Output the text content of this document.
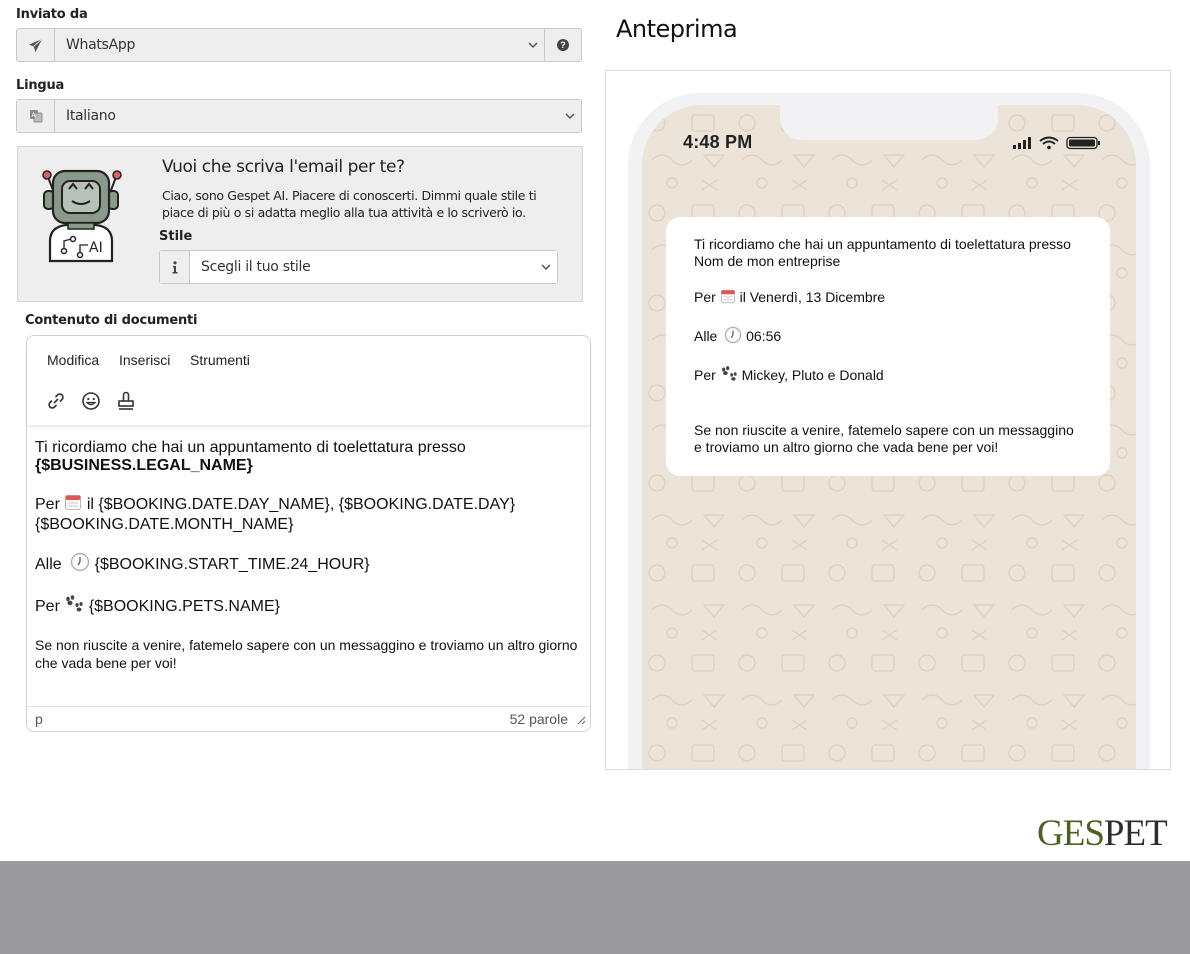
Inviato da
WhatsApp	?
Lingua
A Italiano
AI
Vuoi che scriva l'email per te?
Ciao, sono Gespet AI. Piacere di conoscerti. Dimmi quale stile ti piace di più o si adatta meglio alla tua attività e lo scriverò io.
Stile
Scegli il tuo stile
Contenuto di documenti
Modifica Inserisci Strumenti
Ti ricordiamo che hai un appuntamento di toelettatura presso
{$BUSINESS.LEGAL_NAME}
Per il {$BOOKING.DATE.DAY_NAME}, {$BOOKING.DATE.DAY}
{$BOOKING.DATE.MONTH_NAME}
Alle {$BOOKING.START_TIME.24_HOUR}
Per {$BOOKING.PETS.NAME}
Se non riuscite a venire, fatemelo sapere con un messaggino e troviamo un altro giorno che vada bene per voi!
p	52 parole
Anteprima
4:48 PM
Ti ricordiamo che hai un appuntamento di toelettatura presso Nom de mon entreprise
Per il Venerdì, 13 Dicembre
Alle 06:56
Per Mickey, Pluto e Donald
Se non riuscite a venire, fatemelo sapere con un messaggino e troviamo un altro giorno che vada bene per voi!
GESPET
